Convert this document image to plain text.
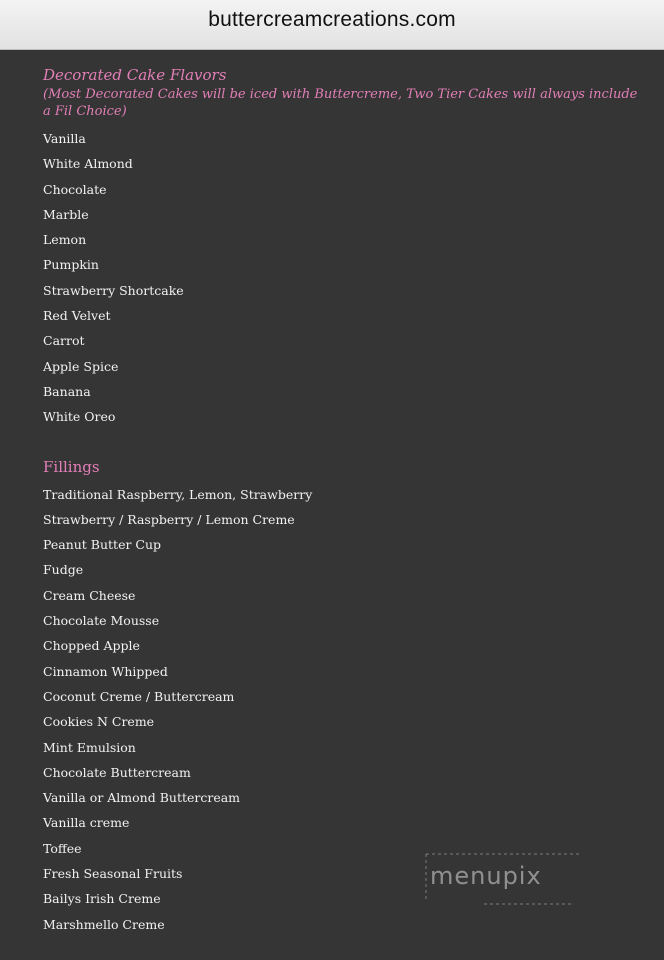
buttercreamcreations.com

Decorated Cake Flavors

(Most Decorated Cakes will be iced with Buttercreme, Two Tier Cakes will always include a Fil Choice)

Vanilla

White Almond

Chocolate

Marble

Lemon

Pumpkin

Strawberry Shortcake

Red Velvet

Carrot

Apple Spice

Banana

White Oreo

Fillings

Traditional Raspberry, Lemon, Strawberry

Strawberry / Raspberry / Lemon Creme

Peanut Butter Cup

Fudge

Cream Cheese

Chocolate Mousse

Chopped Apple

Cinnamon Whipped

Coconut Creme / Buttercream

Cookies N Creme

Mint Emulsion

Chocolate Buttercream

Vanilla or Almond Buttercream

Vanilla creme

Toffee

Fresh Seasonal Fruits

Bailys Irish Creme

Marshmello Creme

menupix
